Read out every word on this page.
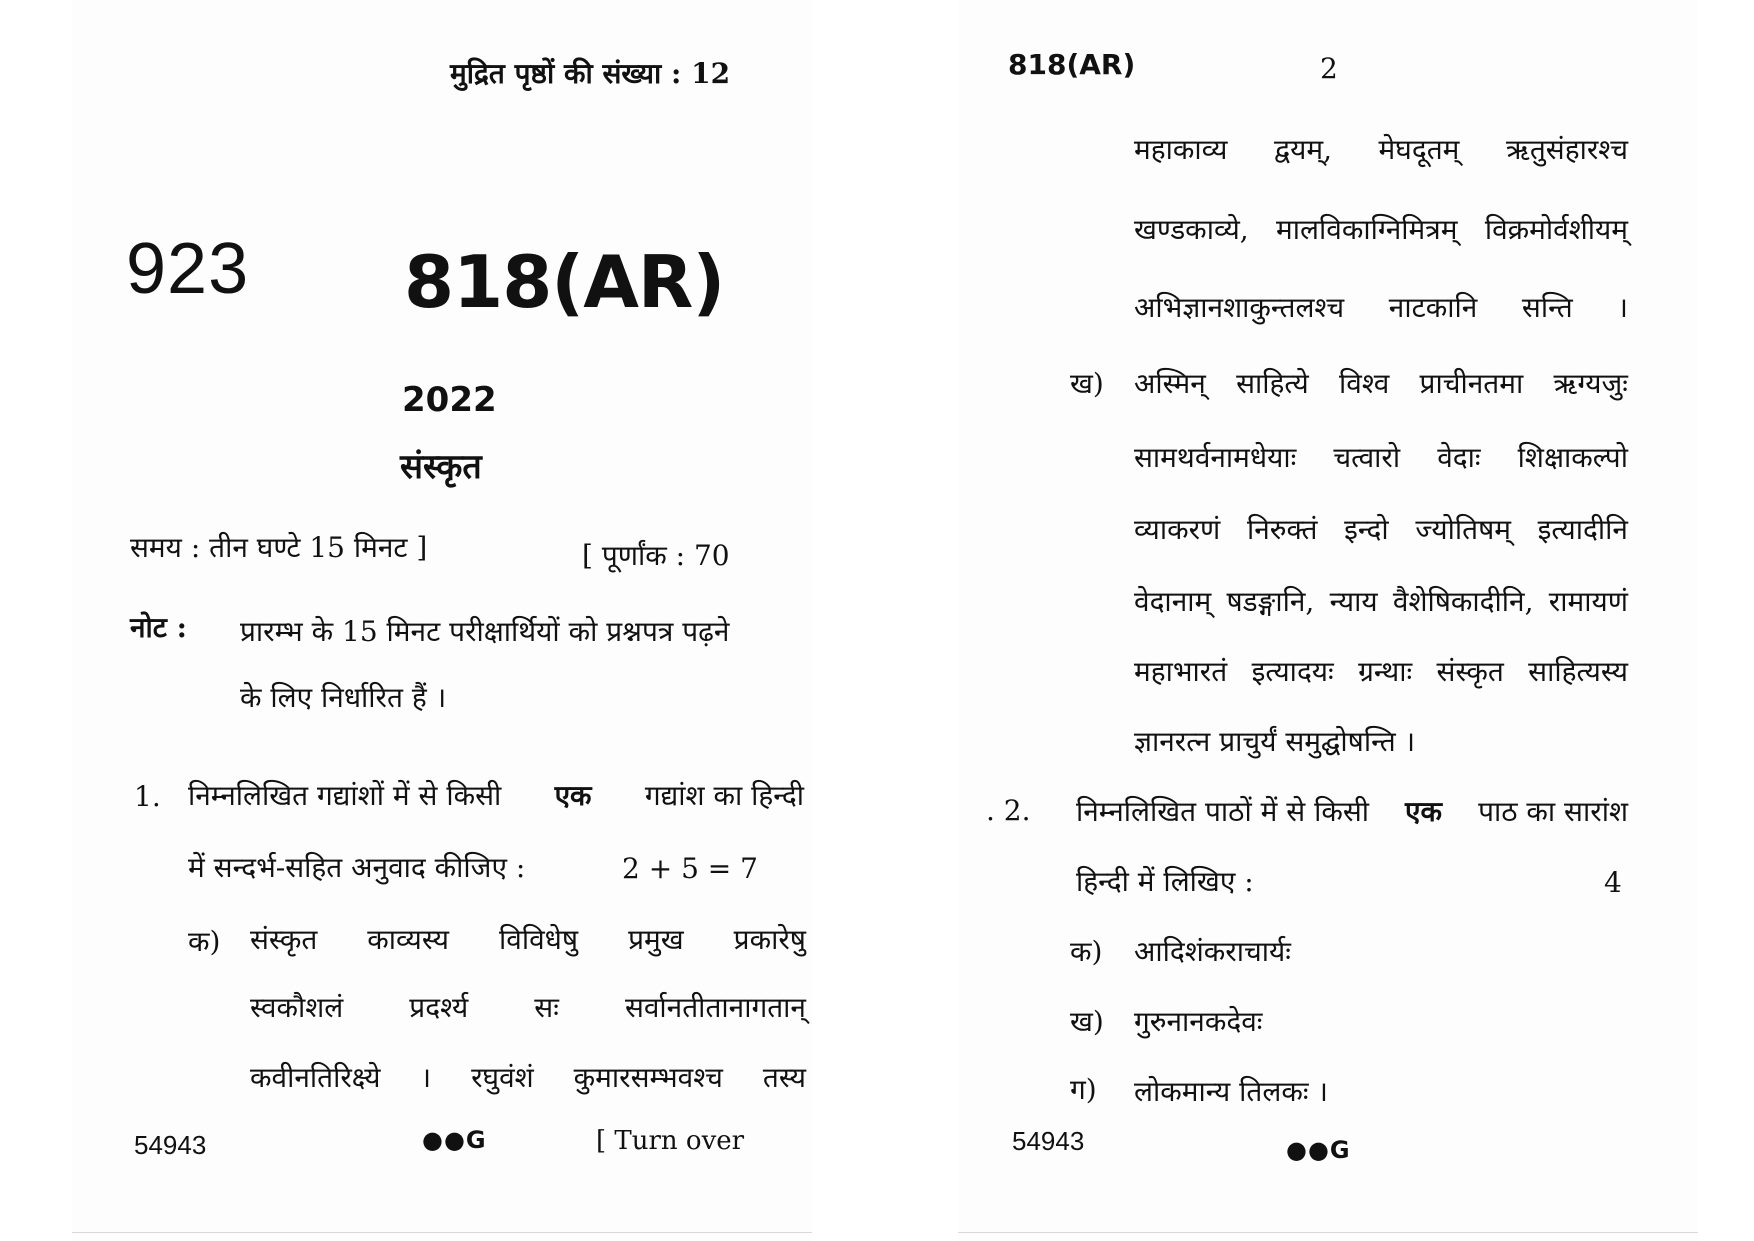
मुद्रित पृष्ठों की संख्या : 12
923 818(AR)
2022
संस्कृत
समय : तीन घण्टे 15 मिनट ]	[ पूर्णांक : 70
नोट : प्रारम्भ के 15 मिनट परीक्षार्थियों को प्रश्नपत्र पढ़ने
के लिए निर्धारित हैं ।
1. निम्नलिखित गद्यांशों में से किसी एक गद्यांश का हिन्दी
में सन्दर्भ-सहित अनुवाद कीजिए :	2 + 5 = 7
क) संस्कृत काव्यस्य विविधेषु प्रमुख प्रकारेषु
स्वकौशलं प्रदर्श्य सः सर्वानतीतानागतान्
कवीनतिरिक्ष्ये । रघुवंशं कुमारसम्भवश्च तस्य
54943	●●G	[ Turn over
818(AR)	2
महाकाव्य द्वयम्, मेघदूतम् ऋतुसंहारश्च
खण्डकाव्ये, मालविकाग्निमित्रम् विक्रमोर्वशीयम्
अभिज्ञानशाकुन्तलश्च नाटकानि सन्ति ।
ख) अस्मिन् साहित्ये विश्व प्राचीनतमा ऋग्यजुः
सामथर्वनामधेयाः चत्वारो वेदाः शिक्षाकल्पो
व्याकरणं निरुक्तं इन्दो ज्योतिषम् इत्यादीनि
वेदानाम् षडङ्गानि, न्याय वैशेषिकादीनि, रामायणं
महाभारतं इत्यादयः ग्रन्थाः संस्कृत साहित्यस्य
ज्ञानरत्न प्राचुर्यं समुद्घोषन्ति ।
. 2. निम्नलिखित पाठों में से किसी एक पाठ का सारांश
हिन्दी में लिखिए :	4
क) आदिशंकराचार्यः
ख) गुरुनानकदेवः
ग) लोकमान्य तिलकः ।
54943	●●G
